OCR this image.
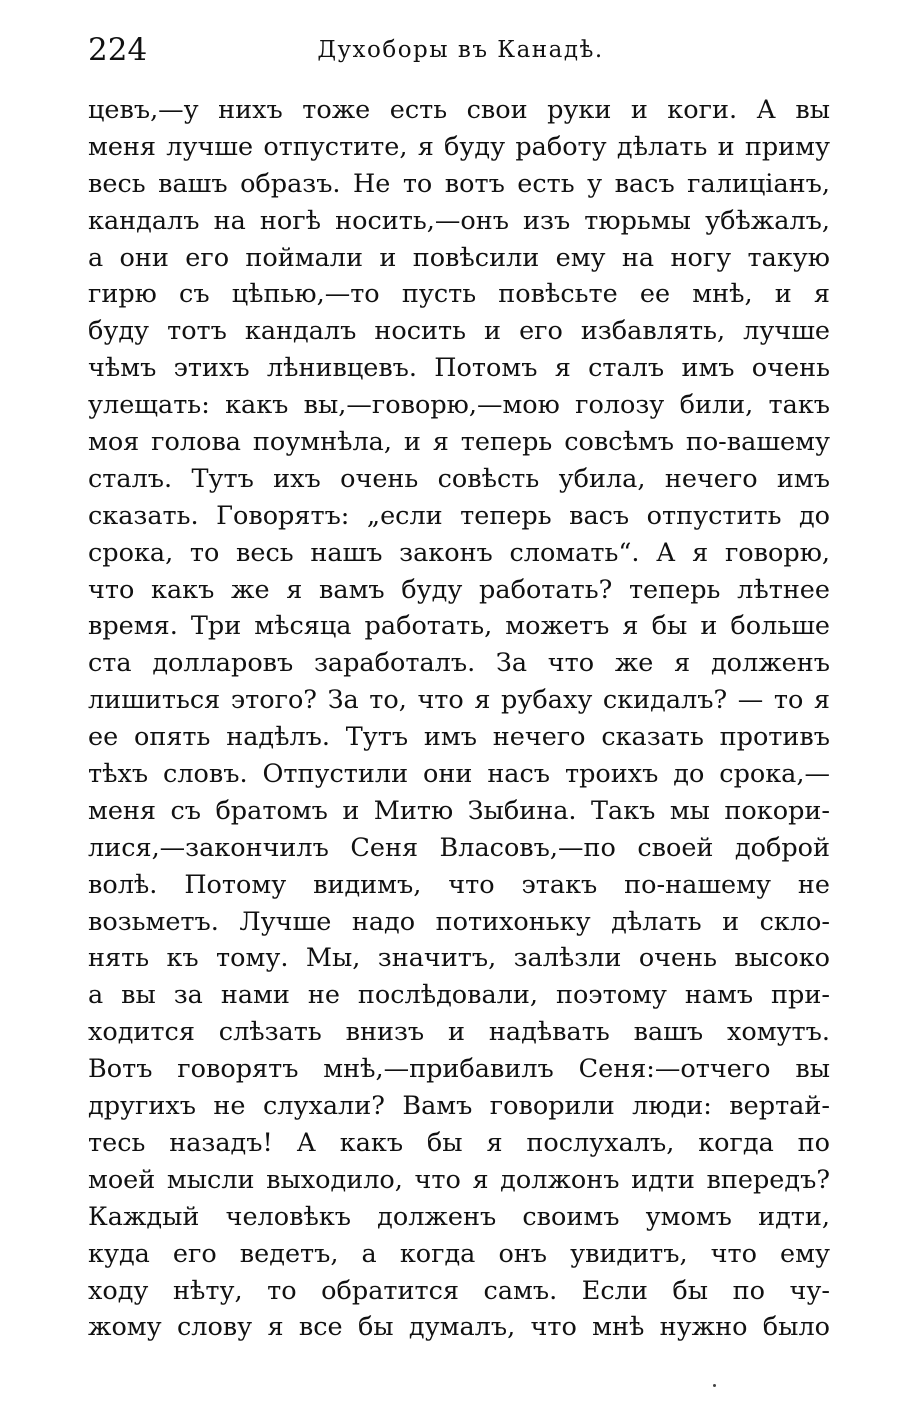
224	Духоборы въ Канадѣ.
цевъ,—у нихъ тоже есть свои руки и коги. А вы
меня лучше отпустите, я буду работу дѣлать и приму
весь вашъ образъ. Не то вотъ есть у васъ галиціанъ,
кандалъ на ногѣ носить,—онъ изъ тюрьмы убѣжалъ,
а они его поймали и повѣсили ему на ногу такую
гирю съ цѣпью,—то пусть повѣсьте ее мнѣ, и я
буду тотъ кандалъ носить и его избавлять, лучше
чѣмъ этихъ лѣнивцевъ. Потомъ я сталъ имъ очень
улещать: какъ вы,—говорю,—мою голозу били, такъ
моя голова поумнѣла, и я теперь совсѣмъ по-вашему
сталъ. Тутъ ихъ очень совѣсть убила, нечего имъ
сказать. Говорятъ: „если теперь васъ отпустить до
срока, то весь нашъ законъ сломать“. А я говорю,
что какъ же я вамъ буду работать? теперь лѣтнее
время. Три мѣсяца работать, можетъ я бы и больше
ста долларовъ заработалъ. За что же я долженъ
лишиться этого? За то, что я рубаху скидалъ? — то я
ее опять надѣлъ. Тутъ имъ нечего сказать противъ
тѣхъ словъ. Отпустили они насъ троихъ до срока,—
меня съ братомъ и Митю Зыбина. Такъ мы покори-
лися,—закончилъ Сеня Власовъ,—по своей доброй
волѣ. Потому видимъ, что этакъ по-нашему не
возьметъ. Лучше надо потихоньку дѣлать и скло-
нять къ тому. Мы, значитъ, залѣзли очень высоко
а вы за нами не послѣдовали, поэтому намъ при-
ходится слѣзать внизъ и надѣвать вашъ хомутъ.
Вотъ говорятъ мнѣ,—прибавилъ Сеня:—отчего вы
другихъ не слухали? Вамъ говорили люди: вертай-
тесь назадъ! А какъ бы я послухалъ, когда по
моей мысли выходило, что я должонъ идти впередъ?
Каждый человѣкъ долженъ своимъ умомъ идти,
куда его ведетъ, а когда онъ увидитъ, что ему
ходу нѣту, то обратится самъ. Если бы по чу-
жому слову я все бы думалъ, что мнѣ нужно было
